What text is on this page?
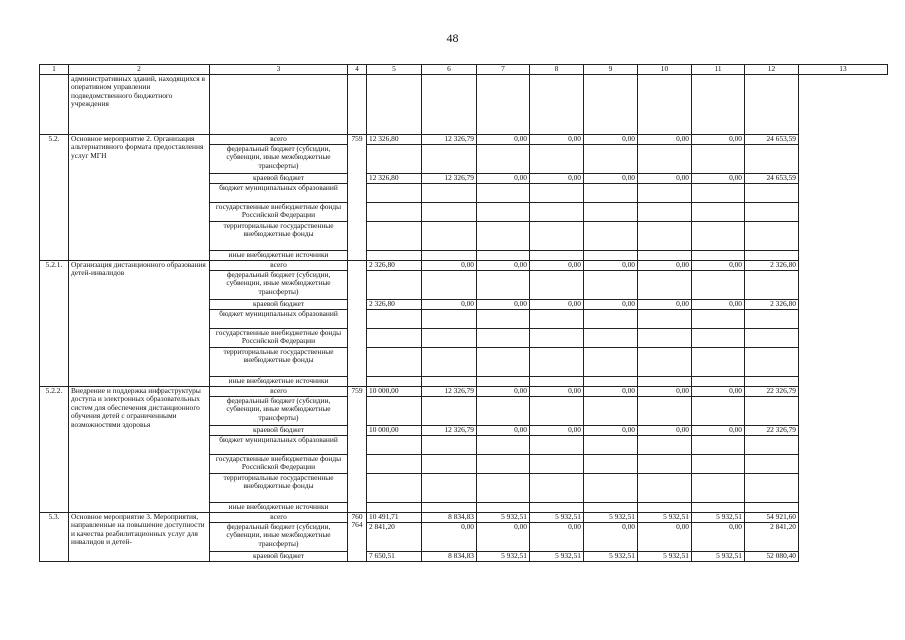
48
1	2	3	4	5	6	7	8	9	10	11	12	13
	административных зданий, находящихся в оперативном управлении подведомственного бюджетного учреждения											
5.2.	Основное мероприятие 2. Организация альтернативного формата предоставления услуг МГН	всего	759	12 326,80	12 326,79	0,00	0,00	0,00	0,00	0,00	24 653,59	
		федеральный бюджет (субсидии, субвенции, иные межбюджетные трансферты)										
		краевой бюджет		12 326,80	12 326,79	0,00	0,00	0,00	0,00	0,00	24 653,59	
		бюджет муниципальных образований										
		государственные внебюджетные фонды Российской Федерации										
		территориальные государственные внебюджетные фонды										
		иные внебюджетные источники										
5.2.1.	Организация дистанционного образования детей-инвалидов	всего		2 326,80	0,00	0,00	0,00	0,00	0,00	0,00	2 326,80	
		федеральный бюджет (субсидии, субвенции, иные межбюджетные трансферты)										
		краевой бюджет		2 326,80	0,00	0,00	0,00	0,00	0,00	0,00	2 326,80	
		бюджет муниципальных образований										
		государственные внебюджетные фонды Российской Федерации										
		территориальные государственные внебюджетные фонды										
		иные внебюджетные источники										
5.2.2.	Внедрение и поддержка инфраструктуры доступа и электронных образовательных систем для обеспечения дистанционного обучения детей с ограниченными возможностями здоровья	всего	759	10 000,00	12 326,79	0,00	0,00	0,00	0,00	0,00	22 326,79	
		федеральный бюджет (субсидии, субвенции, иные межбюджетные трансферты)										
		краевой бюджет		10 000,00	12 326,79	0,00	0,00	0,00	0,00	0,00	22 326,79	
		бюджет муниципальных образований										
		государственные внебюджетные фонды Российской Федерации										
		территориальные государственные внебюджетные фонды										
		иные внебюджетные источники										
5.3.	Основное мероприятие 3. Мероприятия, направленные на повышение доступности и качества реабилитационных услуг для инвалидов и детей-	всего	760 764	10 491,71	8 834,83	5 932,51	5 932,51	5 932,51	5 932,51	5 932,51	54 921,60	
		федеральный бюджет (субсидии, субвенции, иные межбюджетные трансферты)		2 841,20	0,00	0,00	0,00	0,00	0,00	0,00	2 841,20	
		краевой бюджет		7 650,51	8 834,83	5 932,51	5 932,51	5 932,51	5 932,51	5 932,51	52 080,40	
